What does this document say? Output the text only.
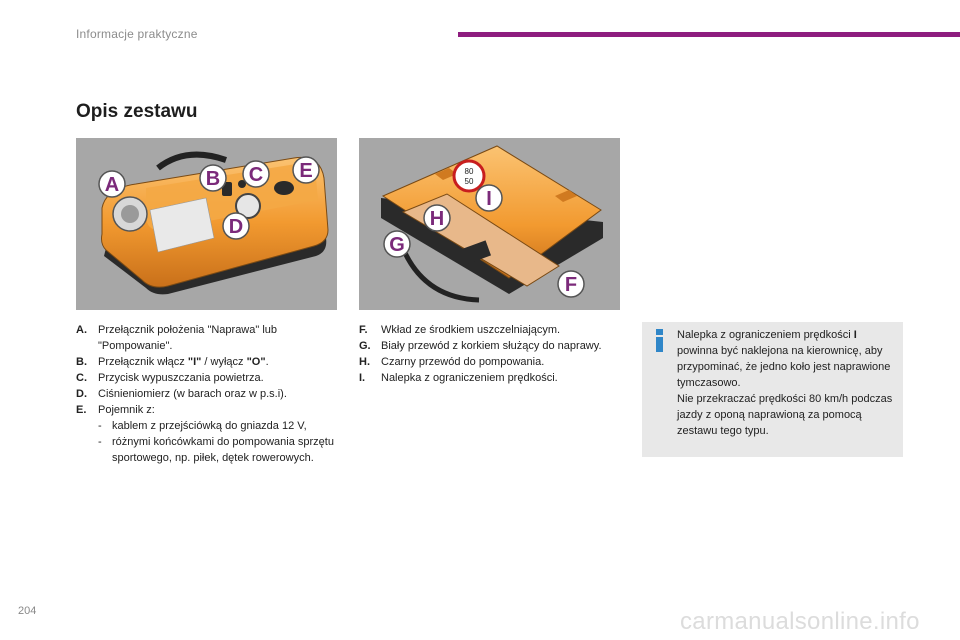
Informacje praktyczne
Opis zestawu
A	B C E
D
80
50
I
H
G
F
A.	Przełącznik położenia "Naprawa" lub "Pompowanie".
B.	Przełącznik włącz "I" / wyłącz "O".
C.	Przycisk wypuszczania powietrza.
D.	Ciśnieniomierz (w barach oraz w p.s.i).
E.	Pojemnik z:
- kablem z przejściówką do gniazda 12 V,
- różnymi końcówkami do pompowania sprzętu sportowego, np. piłek, dętek rowerowych.
F.	Wkład ze środkiem uszczelniającym.
G. Biały przewód z korkiem służący do naprawy.
H.	Czarny przewód do pompowania.
I.	Nalepka z ograniczeniem prędkości.
Nalepka z ograniczeniem prędkości I powinna być naklejona na kierownicę, aby przypominać, że jedno koło jest naprawione tymczasowo.
Nie przekraczać prędkości 80 km/h podczas jazdy z oponą naprawioną za pomocą zestawu tego typu.
204	carmanualsonline.info
